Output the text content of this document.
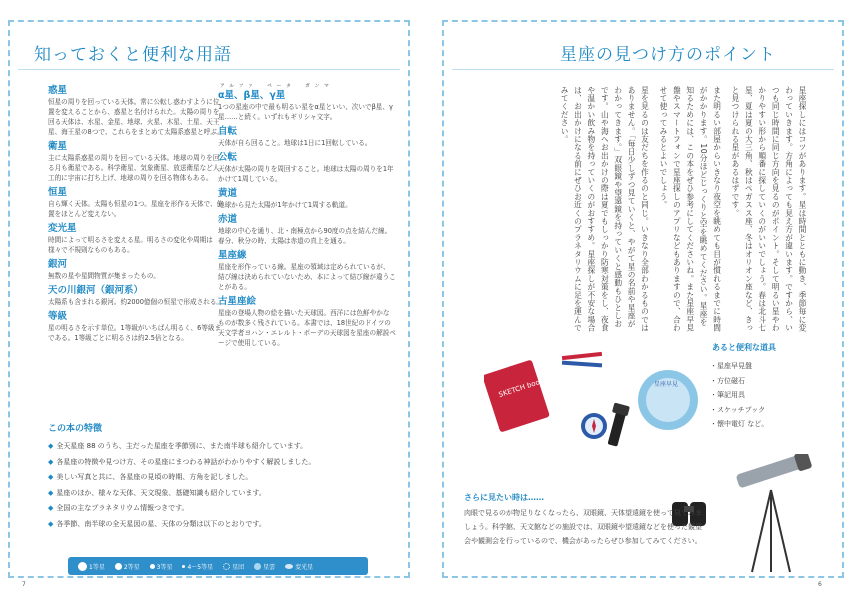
知っておくと便利な用語
惑星
恒星の周りを回っている天体。常に公転し惑わすように位置を変えることから、惑星と名付けられた。太陽の周りを回る天体は、水星、金星、地球、火星、木星、土星、天王星、海王星の8つで、これらをまとめて太陽系惑星と呼ぶ。
衛星
主に太陽系惑星の周りを回っている天体。地球の周りを回る月も衛星である。科学衛星、気象衛星、放送衛星など人工的に宇宙に打ち上げ、地球の周りを回る物体もある。
恒星
自ら輝く天体。太陽も恒星の1つ。星座を形作る天体で、位置をほとんど変えない。
変光星
時間によって明るさを変える星。明るさの変化や周期は様々で不規則なものもある。
銀河
無数の星や星間物質が集まったもの。
天の川銀河（銀河系）
太陽系も含まれる銀河。約2000億個の恒星で形成される。
等級
星の明るさを示す単位。1等級がいちばん明るく、6等級まである。1等級ごとに明るさは約2.5倍となる。
アルファ　ベータ　ガンマ
α星、β星、γ星
1つの星座の中で最も明るい星をα星といい、次いでβ星、γ星……と続く。いずれもギリシャ文字。
自転
天体が自ら回ること。地球は1日に1回転している。
公転
天体が太陽の周りを周回すること。地球は太陽の周りを1年かけて1周している。
黄道
地球から見た太陽が1年かけて1周する軌道。
赤道
地球の中心を通り、北・南極点から90度の点を結んだ線。春分、秋分の時、太陽は赤道の真上を通る。
星座線
星座を形作っている線。星座の領域は定められているが、結び線は決められていないため、本によって結び線が違うことがある。
古星座絵
星座の登場人物の絵を描いた天球図。西洋には色鮮やかなものが数多く残されている。本書では、18世紀のドイツの天文学者ヨハン・エレルト・ボーデの天球図を星座の解説ページで使用している。
この本の特徴
◆ 全天星座 88 のうち、主だった星座を季節別に、また南半球も紹介しています。
◆ 各星座の特徴や見つけ方、その星座にまつわる神話がわかりやすく解説しました。
◆ 美しい写真と共に、各星座の見頃の時期、方角を記しました。
◆ 星座のほか、様々な天体、天文現象、基礎知識も紹介しています。
◆ 全国の主なプラネタリウム情報つきです。
◆ 各季節、南半球の全天星図の星、天体の分類は以下のとおりです。
1等星	2等星	3等星	4〜5等星	星団	星雲	変光星
7
星座の見つけ方のポイント

星座探しにはコツがあります。星は時間とともに動き、季節毎に変わっていきます。方角によっても見え方が違います。ですから、いつも同じ時間に同じ方向を見るのがポイント。そして明るい星やわかりやすい形から順番に探していくのがいいでしょう。春は北斗七星、夏は夏の大三角、秋はペガスス座、冬はオリオン座など、きっと見つけられる星があるはずです。

また明るい部屋からいきなり夜空を眺めても目が慣れるまでに時間がかかります。10分ほどじっくりと空を眺めてください。星座を知るためには、この本をぜひ参考にしてくださいね。また星座早見盤やスマートフォンで星座探しのアプリなどもありますので、合わせて使ってみるとよいでしょう。

星を見るのは友だちを作るのと同じ。いきなり全部わかるものではありません。「毎日少しずつ見ていくと、やがて星の名前や星座がわかってきます。」双眼鏡や望遠鏡を持っていくと感動もひとしおです。山や海へお出かけの際は夏でもしっかり防寒対策をし、夜食や温かい飲み物を持っていくのがおすすめ。星座探しが不安な場合は、お出かけになる前にぜひお近くのプラネタリウムに足を運んでみてください。

SKETCH book	星座早見
あると便利な道具
・星座早見盤
・方位磁石
・筆記用具
・スケッチブック
・懐中電灯 など。
さらに見たい時は……
肉眼で見るのが物足りなくなったら、双眼鏡、天体望遠鏡を使って見てみましょう。科学館、天文館などの施設では、双眼鏡や望遠鏡などを使った観望会や観測会を行っているので、機会があったらぜひ参加してみてください。
6
